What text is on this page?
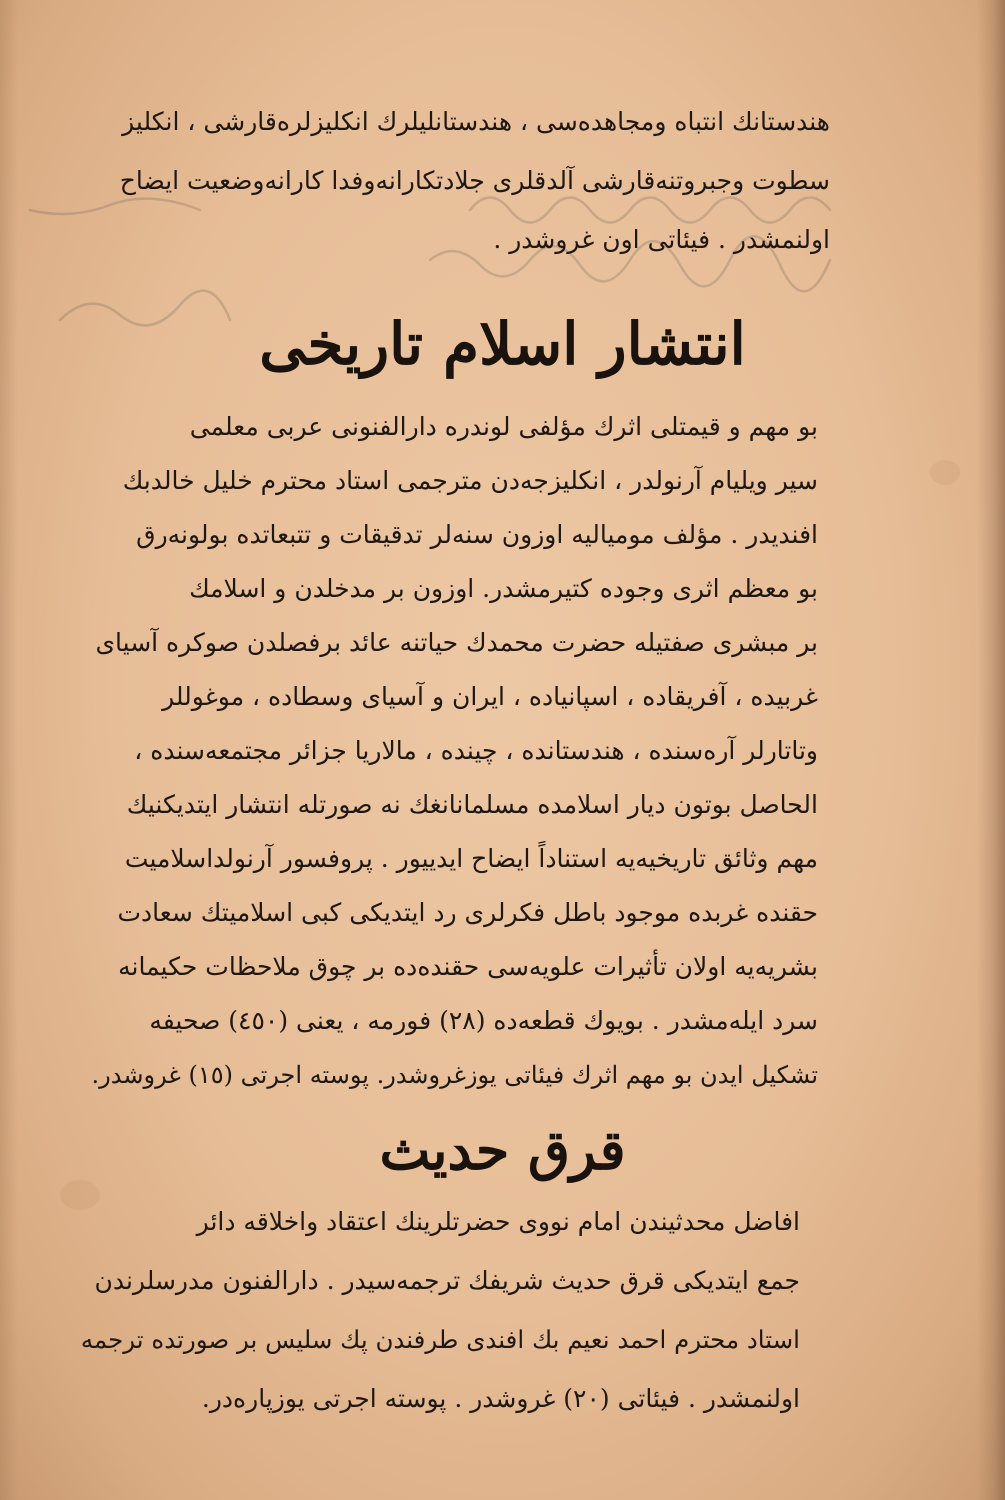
هندستانك انتباه ومجاهدەسی ، هندستانلیلرك انكلیزلرەقارشی ، انكلیز

سطوت وجبروتنەقارشی آلدقلری جلادتكارانەوفدا كارانەوضعیت ایضاح

اولنمشدر . فیئاتی اون غروشدر .

انتشار اسلام تاریخی

بو مهم و قیمتلی اثرك مؤلفی لوندره دارالفنونی عربی معلمی

سیر ویلیام آرنولدر ، انكلیزجەدن مترجمی استاد محترم خلیل خالدبك

افندیدر . مؤلف مومیالیه اوزون سنەلر تدقیقات و تتبعاتدە بولونەرق

بو معظم اثری وجودە كتیرمشدر. اوزون بر مدخلدن و اسلامك

بر مبشری صفتیلە حضرت محمدك حیاتنە عائد برفصلدن صوكرە آسیای

غربیدە ، آفریقادە ، اسپانیادە ، ایران و آسیای وسطادە ، موغوللر

وتاتارلر آرەسندە ، هندستاندە ، چیندە ، مالاریا جزائر مجتمعەسندە ،

الحاصل بوتون دیار اسلامدە مسلمانانغك نە صورتلە انتشار ایتدیكنیك

مهم وثائق تاریخیەیە استناداً ایضاح ایدییور . پروفسور آرنولداسلامیت

حقندە غربدە موجود باطل فكرلری رد ایتدیكی كبی اسلامیتك سعادت

بشریەیە اولان تأثیرات علویەسی حقندەدە بر چوق ملاحظات حكیمانە

سرد ایلەمشدر . بویوك قطعەدە (٢٨) فورمە ، یعنی (٤٥٠) صحیفە

تشكیل ایدن بو مهم اثرك فیئاتی یوزغروشدر. پوستە اجرتی (١٥) غروشدر.

قرق حدیث

افاضل محدثیندن امام نووی حضرتلرینك اعتقاد واخلاقە دائر

جمع ایتدیكی قرق حدیث شریفك ترجمەسیدر . دارالفنون مدرسلرندن

استاد محترم احمد نعیم بك افندی طرفندن پك سلیس بر صورتدە ترجمە

اولنمشدر . فیئاتی (٢٠) غروشدر . پوستە اجرتی یوزپارەدر.
